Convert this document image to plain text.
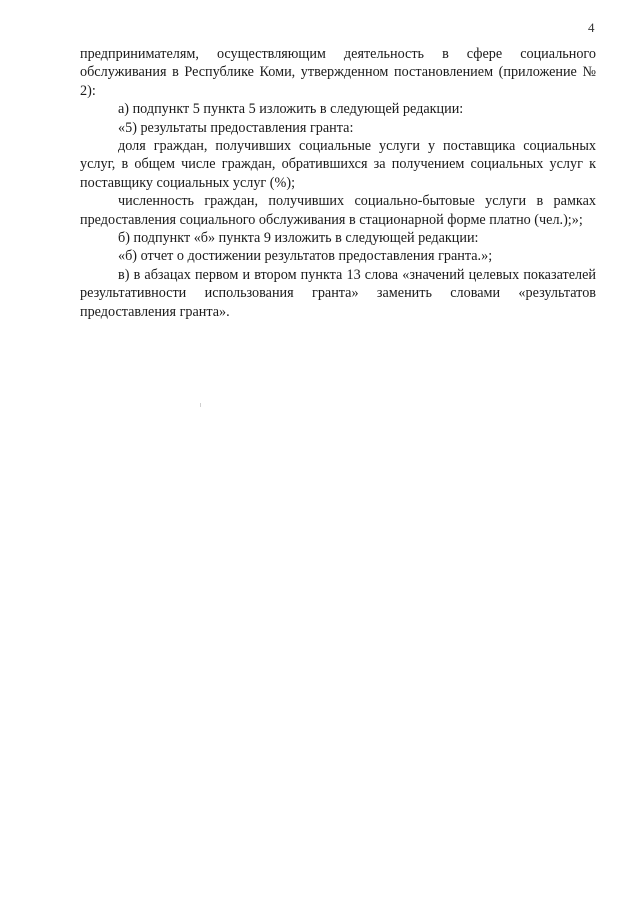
4

предпринимателям, осуществляющим деятельность в сфере социального обслуживания в Республике Коми, утвержденном постановлением (приложение № 2):

а) подпункт 5 пункта 5 изложить в следующей редакции:

«5) результаты предоставления гранта:

доля граждан, получивших социальные услуги у поставщика социальных услуг, в общем числе граждан, обратившихся за получением социальных услуг к поставщику социальных услуг (%);

численность граждан, получивших социально-бытовые услуги в рамках предоставления социального обслуживания в стационарной форме платно (чел.);»;

б) подпункт «б» пункта 9 изложить в следующей редакции:

«б) отчет о достижении результатов предоставления гранта.»;

в) в абзацах первом и втором пункта 13 слова «значений целевых показателей результативности использования гранта» заменить словами «результатов предоставления гранта».
